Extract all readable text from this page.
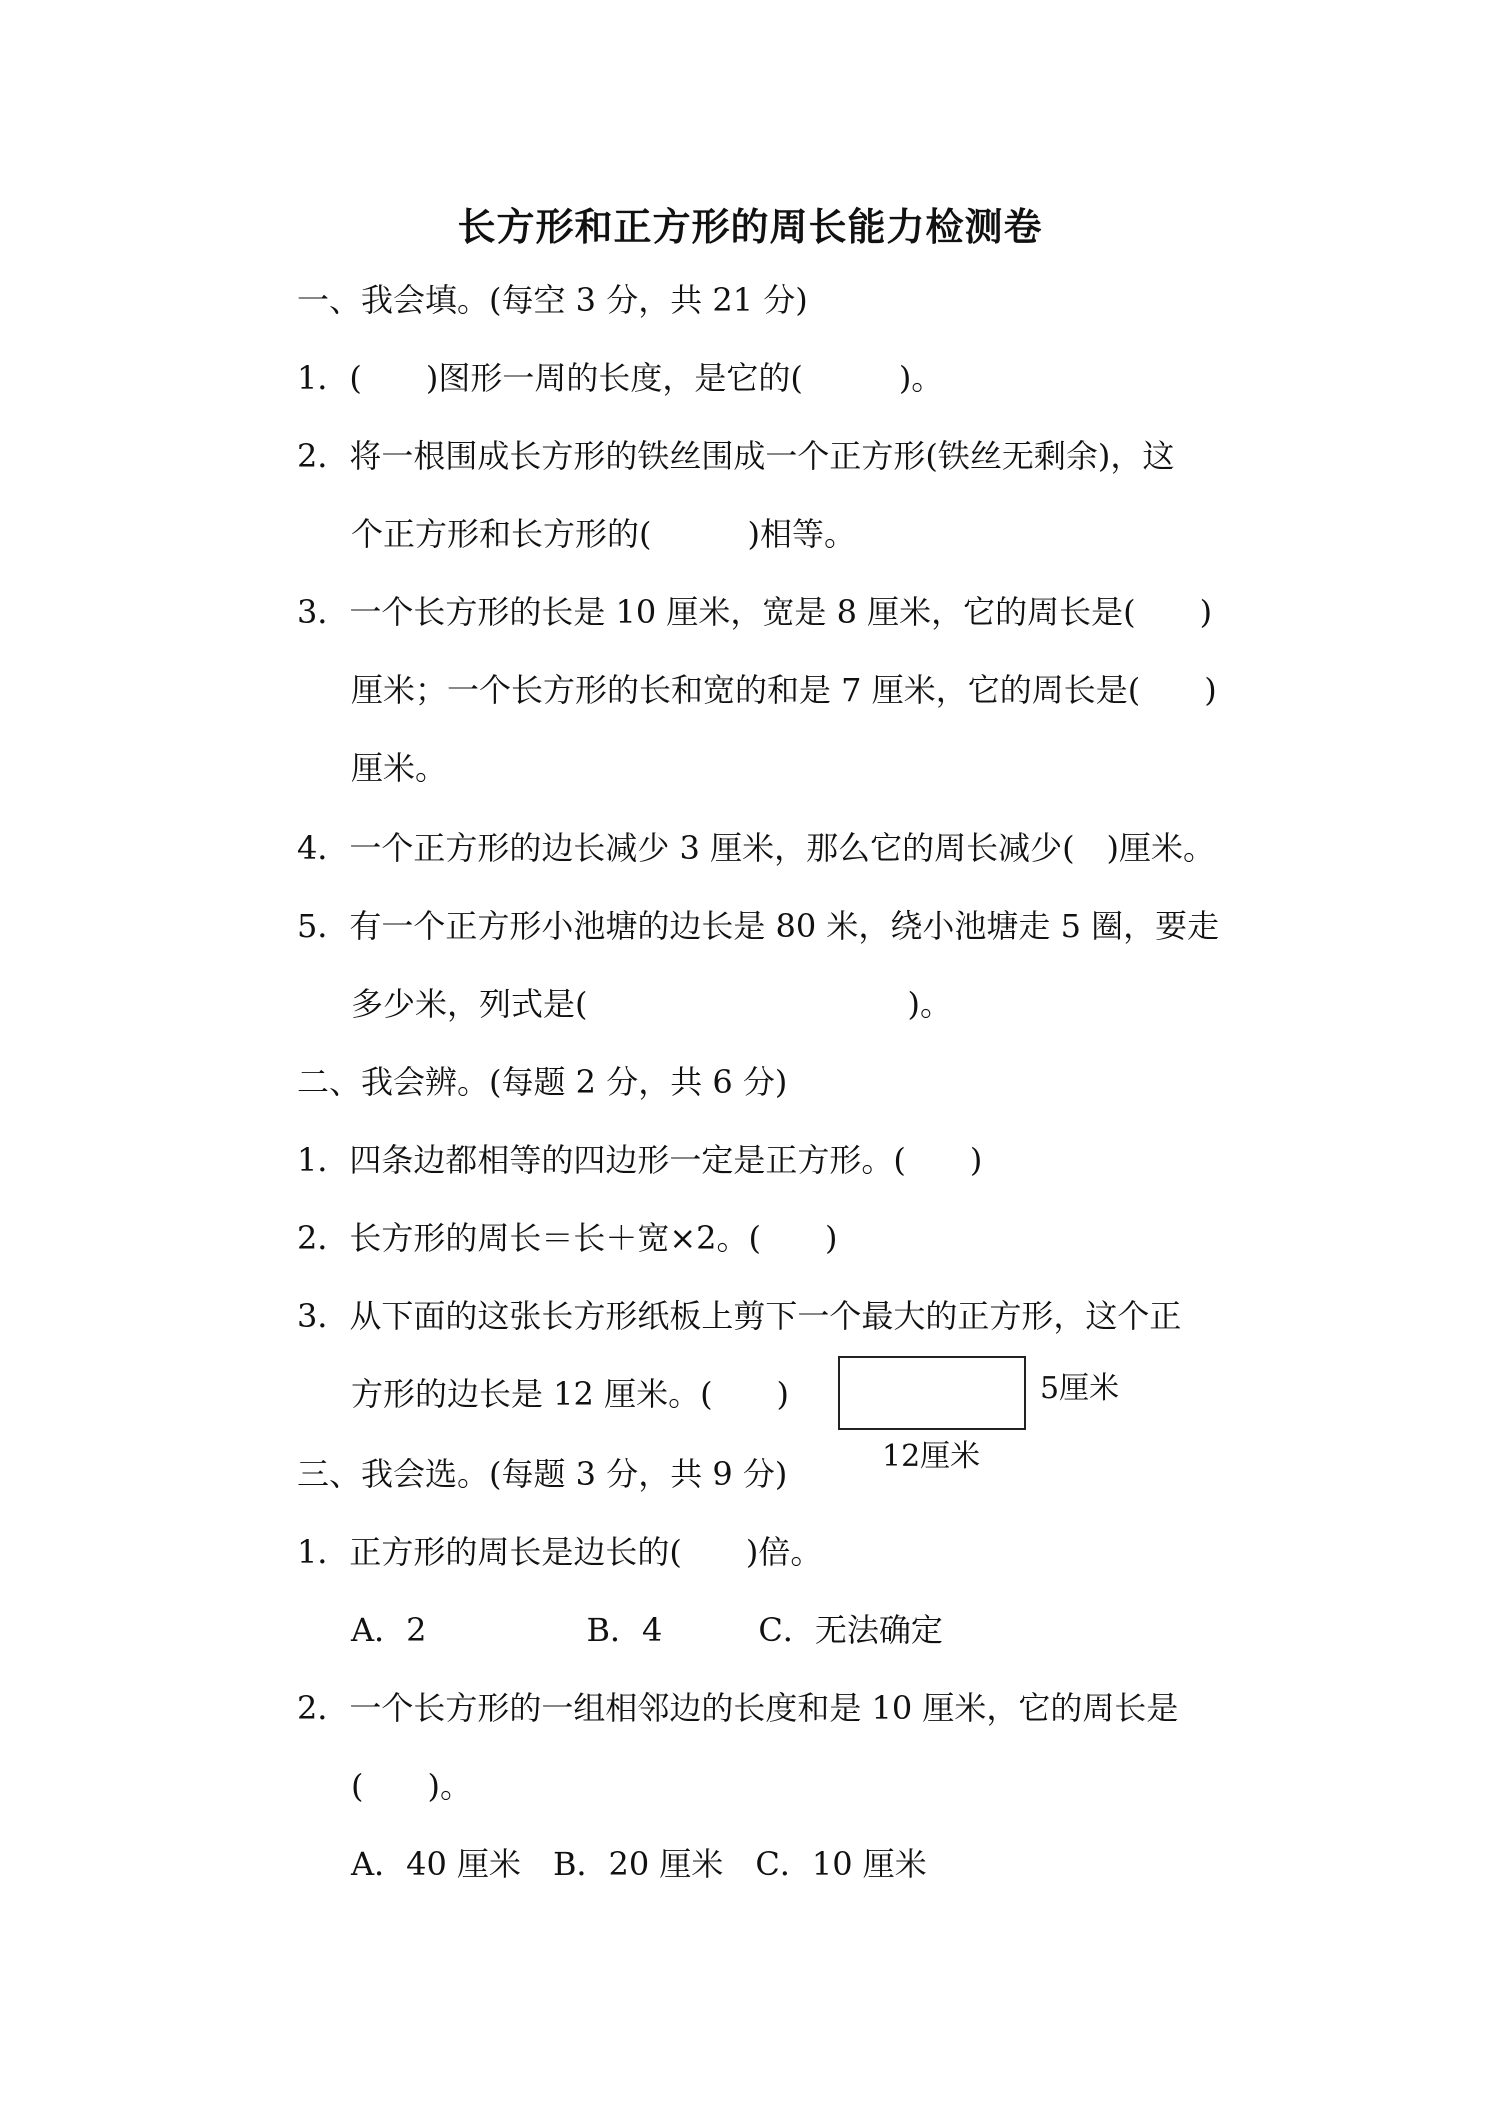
长方形和正方形的周长能力检测卷
一、我会填。(每空 3 分，共 21 分)
1．(　　)图形一周的长度，是它的(　　　)。
2．将一根围成长方形的铁丝围成一个正方形(铁丝无剩余)，这
个正方形和长方形的(　　　)相等。
3．一个长方形的长是 10 厘米，宽是 8 厘米，它的周长是(　　)
厘米；一个长方形的长和宽的和是 7 厘米，它的周长是(　　)
厘米。
4．一个正方形的边长减少 3 厘米，那么它的周长减少(　)厘米。
5．有一个正方形小池塘的边长是 80 米，绕小池塘走 5 圈，要走
多少米，列式是(　　　　　　　　　　)。
二、我会辨。(每题 2 分，共 6 分)
1．四条边都相等的四边形一定是正方形。(　　)
2．长方形的周长＝长＋宽×2。(　　)
3．从下面的这张长方形纸板上剪下一个最大的正方形，这个正
方形的边长是 12 厘米。(　　)	5厘米
12厘米
三、我会选。(每题 3 分，共 9 分)
1．正方形的周长是边长的(　　)倍。
A．2　　　　　B．4　　　C．无法确定
2．一个长方形的一组相邻边的长度和是 10 厘米，它的周长是
(　　)。
A．40 厘米　B．20 厘米　C．10 厘米
